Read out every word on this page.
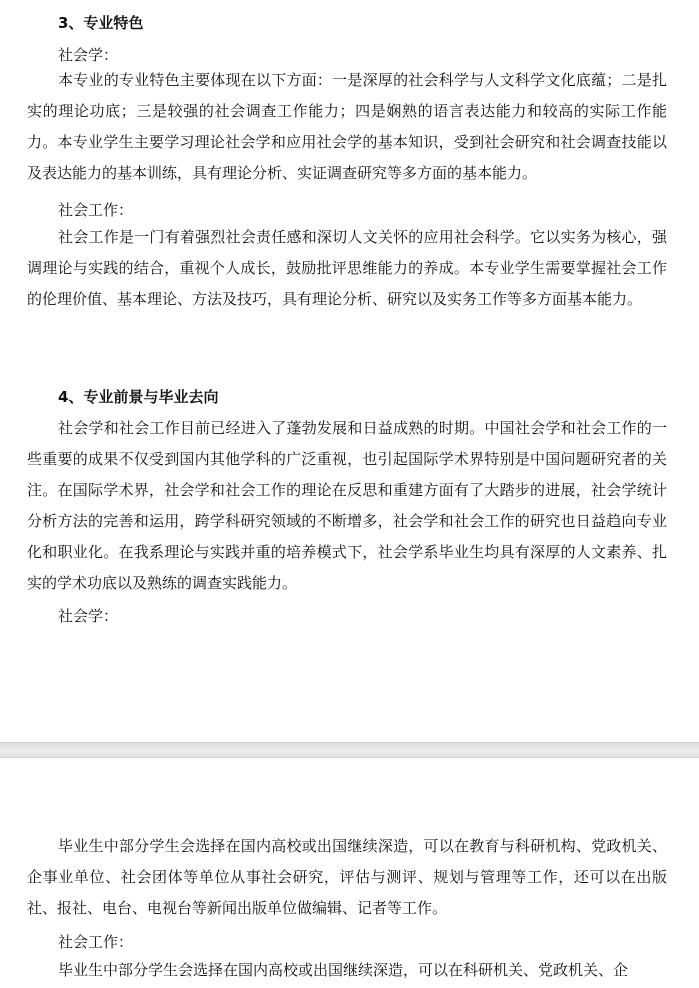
3、专业特色
社会学：

本专业的专业特色主要体现在以下方面：一是深厚的社会科学与人文科学文化底蕴；二是扎实的理论功底；三是较强的社会调查工作能力；四是娴熟的语言表达能力和较高的实际工作能力。本专业学生主要学习理论社会学和应用社会学的基本知识，受到社会研究和社会调查技能以及表达能力的基本训练，具有理论分析、实证调查研究等多方面的基本能力。

社会工作：

社会工作是一门有着强烈社会责任感和深切人文关怀的应用社会科学。它以实务为核心，强调理论与实践的结合，重视个人成长，鼓励批评思维能力的养成。本专业学生需要掌握社会工作的伦理价值、基本理论、方法及技巧，具有理论分析、研究以及实务工作等多方面基本能力。

4、专业前景与毕业去向

社会学和社会工作目前已经进入了蓬勃发展和日益成熟的时期。中国社会学和社会工作的一些重要的成果不仅受到国内其他学科的广泛重视，也引起国际学术界特别是中国问题研究者的关注。在国际学术界，社会学和社会工作的理论在反思和重建方面有了大踏步的进展，社会学统计分析方法的完善和运用，跨学科研究领域的不断增多，社会学和社会工作的研究也日益趋向专业化和职业化。在我系理论与实践并重的培养模式下，社会学系毕业生均具有深厚的人文素养、扎实的学术功底以及熟练的调查实践能力。

社会学：

毕业生中部分学生会选择在国内高校或出国继续深造，可以在教育与科研机构、党政机关、企事业单位、社会团体等单位从事社会研究，评估与测评、规划与管理等工作，还可以在出版社、报社、电台、电视台等新闻出版单位做编辑、记者等工作。

社会工作：

毕业生中部分学生会选择在国内高校或出国继续深造，可以在科研机关、党政机关、企
